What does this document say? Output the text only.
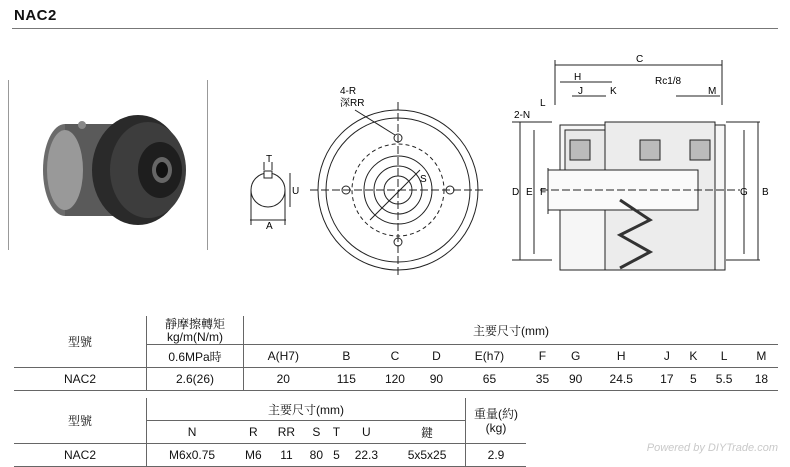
NAC2
T
U
A
4-R
深RR
S
C
H
J	K
Rc1/8
M
L
2-N
D E F	G B
型號	靜摩擦轉矩
kg/m(N/m)	主要尺寸(mm)											
	0.6MPa時	A(H7)	B	C	D	E(h7)	F	G	H	J	K	L	M
NAC2	2.6(26)	20	115	120	90	65	35	90	24.5	17	5	5.5	18
型號	主要尺寸(mm)							重量(約)
(kg)

	N	R	RR	S	T	U	鍵	
NAC2	M6x0.75	M6	11	80	5	22.3	5x5x25	2.9	Powered by DIYTrade.com
